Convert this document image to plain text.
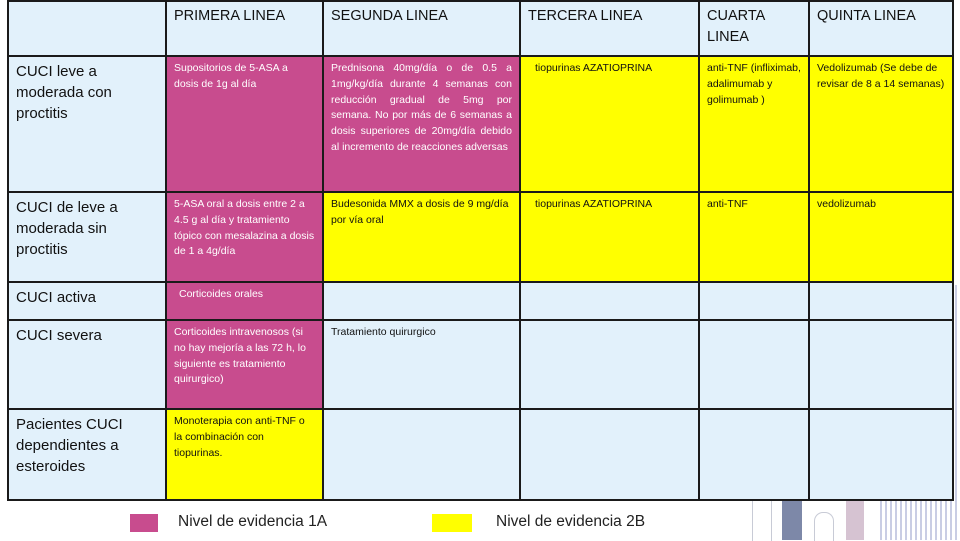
	PRIMERA LINEA	SEGUNDA LINEA	TERCERA LINEA	CUARTA LINEA	QUINTA LINEA
CUCI leve a moderada con proctitis	Supositorios de 5-ASA a dosis de 1g al día	Prednisona 40mg/día o de 0.5 a 1mg/kg/día durante 4 semanas con reducción gradual de 5mg por semana. No por más de 6 semanas a dosis superiores de 20mg/día debido al incremento de reacciones adversas	tiopurinas AZATIOPRINA	anti-TNF (infliximab, adalimumab y golimumab )	Vedolizumab (Se debe de revisar de 8 a 14 semanas)
CUCI de leve a moderada sin proctitis	5-ASA oral a dosis entre 2 a 4.5 g al día y tratamiento tópico con mesalazina a dosis de 1 a 4g/día	Budesonida MMX a dosis de 9 mg/día por vía oral	tiopurinas AZATIOPRINA	anti-TNF	vedolizumab
CUCI activa	Corticoides orales				
CUCI severa	Corticoides intravenosos (si no hay mejoría a las 72 h, lo siguiente es tratamiento quirurgico)	Tratamiento quirurgico			
Pacientes CUCI dependientes a esteroides	Monoterapia con anti-TNF o la combinación con tiopurinas.				
Nivel de evidencia 1A	Nivel de evidencia 2B
